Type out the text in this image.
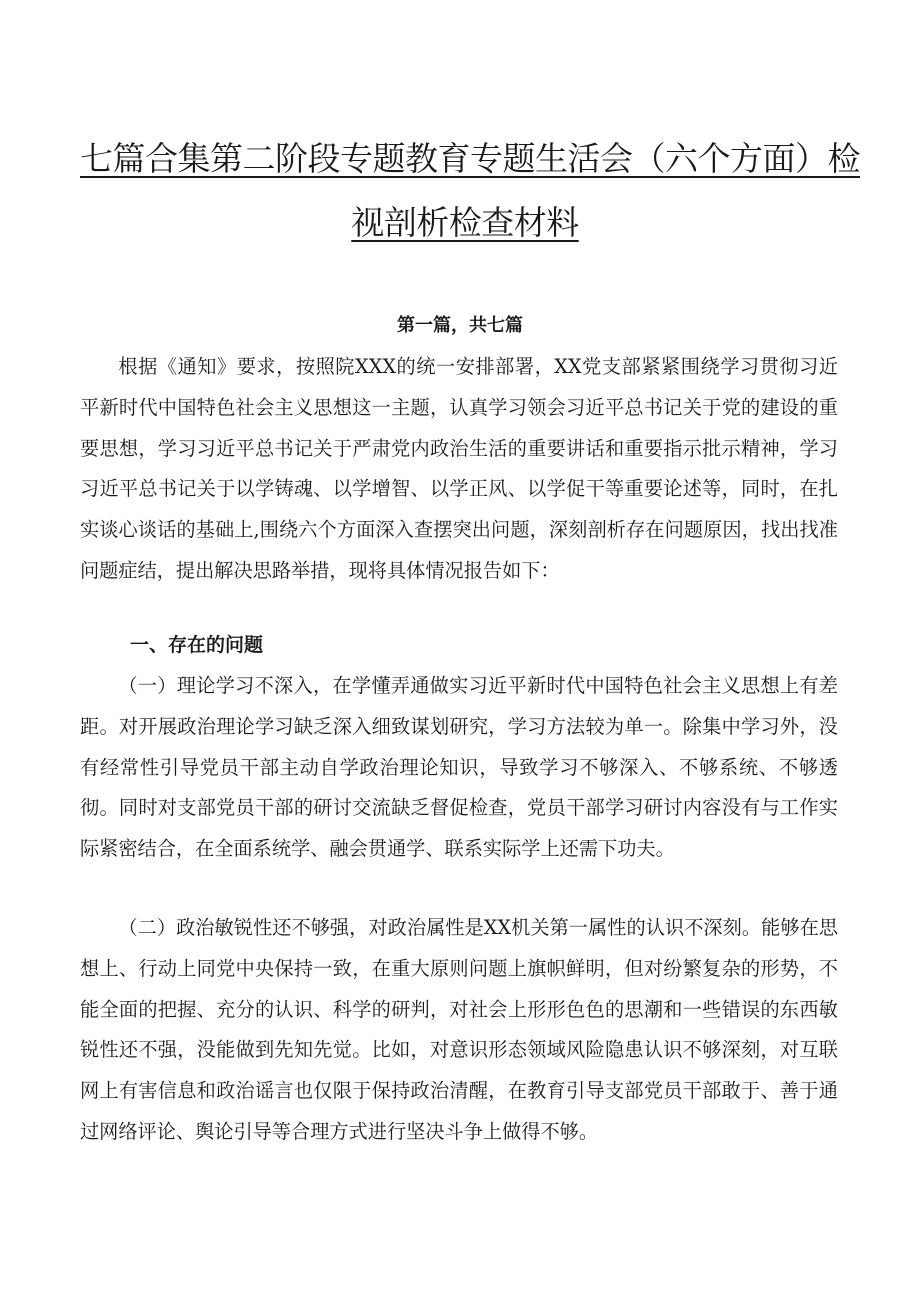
七篇合集第二阶段专题教育专题生活会（六个方面）检
视剖析检查材料
第一篇，共七篇

根据《通知》要求，按照院XXX的统一安排部署，XX党支部紧紧围绕学习贯彻习近平新时代中国特色社会主义思想这一主题，认真学习领会习近平总书记关于党的建设的重要思想，学习习近平总书记关于严肃党内政治生活的重要讲话和重要指示批示精神，学习习近平总书记关于以学铸魂、以学增智、以学正风、以学促干等重要论述等，同时，在扎实谈心谈话的基础上,围绕六个方面深入查摆突出问题，深刻剖析存在问题原因，找出找准问题症结，提出解决思路举措，现将具体情况报告如下：

一、存在的问题

（一）理论学习不深入，在学懂弄通做实习近平新时代中国特色社会主义思想上有差距。对开展政治理论学习缺乏深入细致谋划研究，学习方法较为单一。除集中学习外，没有经常性引导党员干部主动自学政治理论知识，导致学习不够深入、不够系统、不够透彻。同时对支部党员干部的研讨交流缺乏督促检查，党员干部学习研讨内容没有与工作实际紧密结合，在全面系统学、融会贯通学、联系实际学上还需下功夫。

（二）政治敏锐性还不够强，对政治属性是XX机关第一属性的认识不深刻。能够在思想上、行动上同党中央保持一致，在重大原则问题上旗帜鲜明，但对纷繁复杂的形势，不能全面的把握、充分的认识、科学的研判，对社会上形形色色的思潮和一些错误的东西敏锐性还不强，没能做到先知先觉。比如，对意识形态领域风险隐患认识不够深刻，对互联网上有害信息和政治谣言也仅限于保持政治清醒，在教育引导支部党员干部敢于、善于通过网络评论、舆论引导等合理方式进行坚决斗争上做得不够。
